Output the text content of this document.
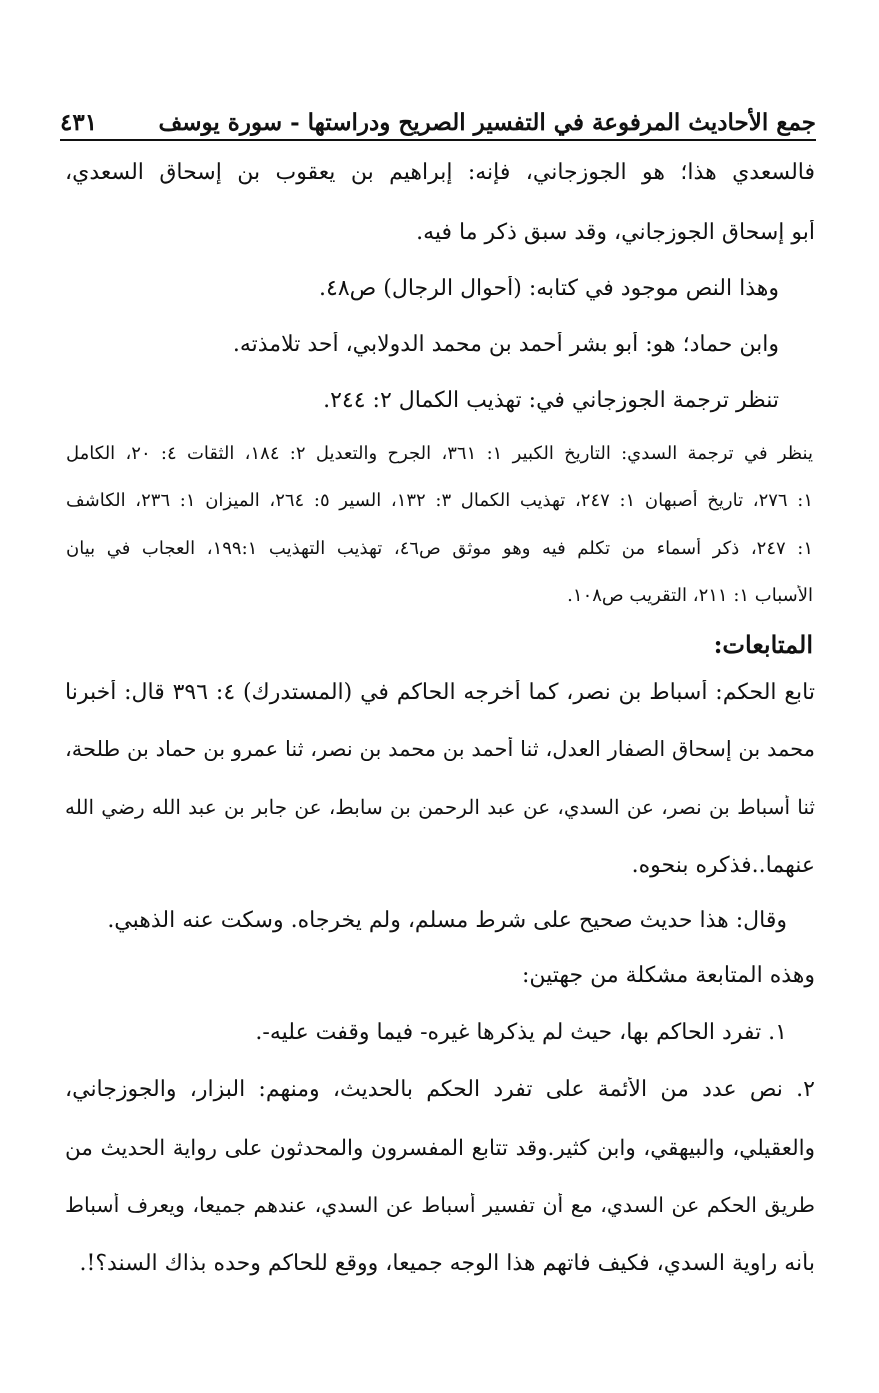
جمع الأحاديث المرفوعة في التفسير الصريح ودراستها - سورة يوسف
٤٣١
فالسعدي هذا؛ هو الجوزجاني، فإنه: إبراهيم بن يعقوب بن إسحاق السعدي،
أبو إسحاق الجوزجاني، وقد سبق ذكر ما فيه.
وهذا النص موجود في كتابه: (أحوال الرجال) ص٤٨.
وابن حماد؛ هو: أبو بشر أحمد بن محمد الدولابي، أحد تلامذته.
تنظر ترجمة الجوزجاني في: تهذيب الكمال ٢: ٢٤٤.
ينظر في ترجمة السدي: التاريخ الكبير ١: ٣٦١، الجرح والتعديل ٢: ١٨٤، الثقات ٤: ٢٠، الكامل
١: ٢٧٦، تاريخ أصبهان ١: ٢٤٧، تهذيب الكمال ٣: ١٣٢، السير ٥: ٢٦٤، الميزان ١: ٢٣٦، الكاشف
١: ٢٤٧، ذكر أسماء من تكلم فيه وهو موثق ص٤٦، تهذيب التهذيب ١٩٩:١، العجاب في بيان
الأسباب ١: ٢١١، التقريب ص١٠٨.
المتابعات:
تابع الحكم: أسباط بن نصر، كما أخرجه الحاكم في (المستدرك) ٤: ٣٩٦ قال: أخبرنا
محمد بن إسحاق الصفار العدل، ثنا أحمد بن محمد بن نصر، ثنا عمرو بن حماد بن طلحة،
ثنا أسباط بن نصر، عن السدي، عن عبد الرحمن بن سابط، عن جابر بن عبد الله رضي الله
عنهما..فذكره بنحوه.
وقال: هذا حديث صحيح على شرط مسلم، ولم يخرجاه. وسكت عنه الذهبي.
وهذه المتابعة مشكلة من جهتين:
١. تفرد الحاكم بها، حيث لم يذكرها غيره- فيما وقفت عليه-.
٢. نص عدد من الأئمة على تفرد الحكم بالحديث، ومنهم: البزار، والجوزجاني،
والعقيلي، والبيهقي، وابن كثير.وقد تتابع المفسرون والمحدثون على رواية الحديث من
طريق الحكم عن السدي، مع أن تفسير أسباط عن السدي، عندهم جميعا، ويعرف أسباط
بأنه راوية السدي، فكيف فاتهم هذا الوجه جميعا، ووقع للحاكم وحده بذاك السند؟!.
